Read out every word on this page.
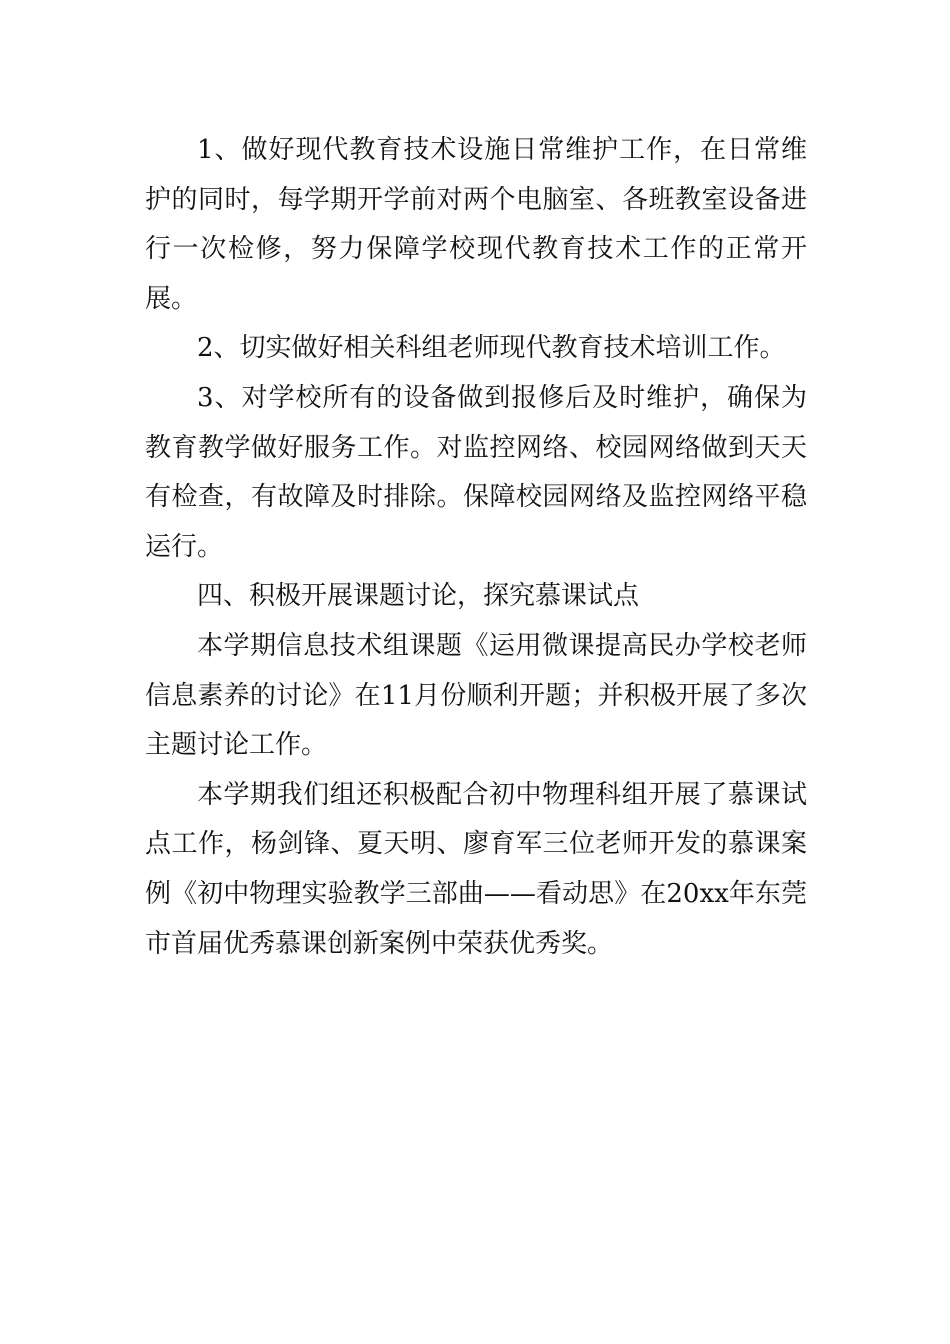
1、做好现代教育技术设施日常维护工作，在日常维护的同时，每学期开学前对两个电脑室、各班教室设备进行一次检修，努力保障学校现代教育技术工作的正常开展。

2、切实做好相关科组老师现代教育技术培训工作。

3、对学校所有的设备做到报修后及时维护，确保为教育教学做好服务工作。对监控网络、校园网络做到天天有检查，有故障及时排除。保障校园网络及监控网络平稳运行。

四、积极开展课题讨论，探究慕课试点

本学期信息技术组课题《运用微课提高民办学校老师信息素养的讨论》在11月份顺利开题；并积极开展了多次主题讨论工作。

本学期我们组还积极配合初中物理科组开展了慕课试点工作，杨剑锋、夏天明、廖育军三位老师开发的慕课案例《初中物理实验教学三部曲——看动思》在20xx年东莞市首届优秀慕课创新案例中荣获优秀奖。
